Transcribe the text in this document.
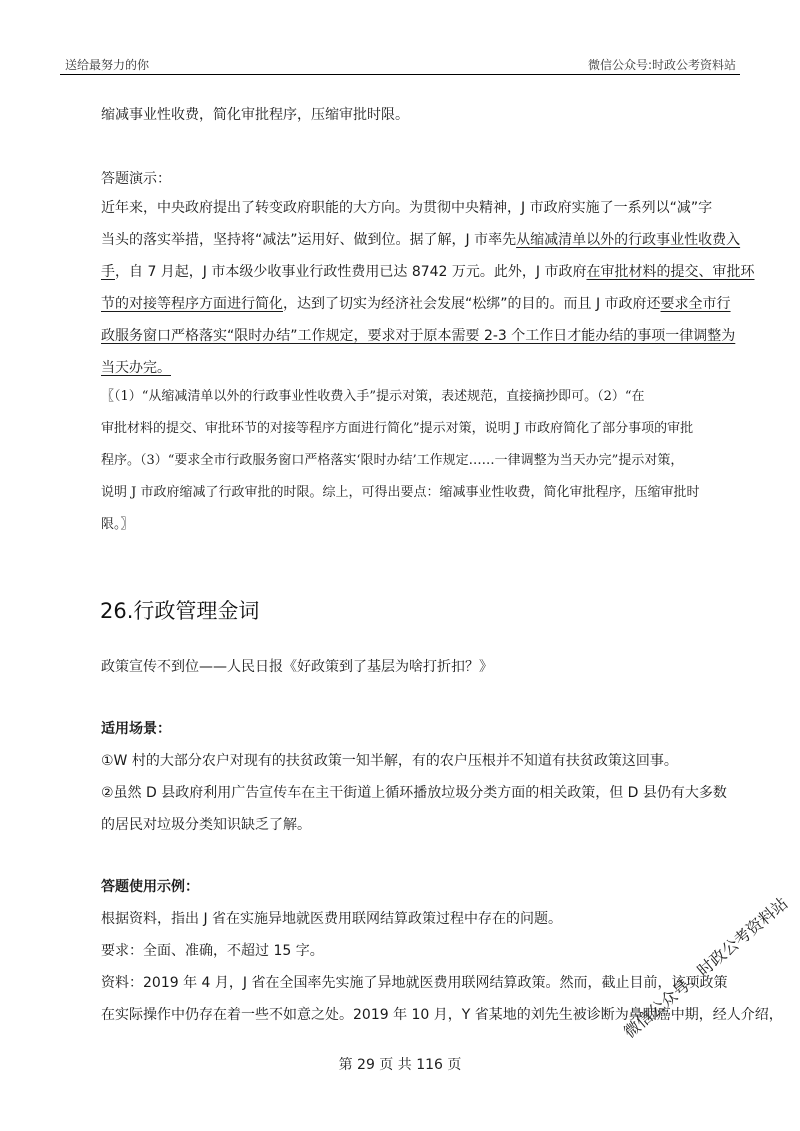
送给最努力的你	微信公众号:时政公考资料站
缩减事业性收费，简化审批程序，压缩审批时限。
答题演示：
近年来，中央政府提出了转变政府职能的大方向。为贯彻中央精神，J 市政府实施了一系列以“减”字
当头的落实举措，坚持将“减法”运用好、做到位。据了解，J 市率先从缩减清单以外的行政事业性收费入
手，自 7 月起，J 市本级少收事业行政性费用已达 8742 万元。此外，J 市政府在审批材料的提交、审批环
节的对接等程序方面进行简化，达到了切实为经济社会发展“松绑”的目的。而且 J 市政府还要求全市行
政服务窗口严格落实“限时办结”工作规定，要求对于原本需要 2-3 个工作日才能办结的事项一律调整为
当天办完。
〖（1）“从缩减清单以外的行政事业性收费入手”提示对策，表述规范，直接摘抄即可。（2）“在
审批材料的提交、审批环节的对接等程序方面进行简化”提示对策，说明 J 市政府简化了部分事项的审批
程序。（3）“要求全市行政服务窗口严格落实‘限时办结’工作规定……一律调整为当天办完”提示对策，
说明 J 市政府缩减了行政审批的时限。综上，可得出要点：缩减事业性收费，简化审批程序，压缩审批时
限。〗
26.行政管理金词
政策宣传不到位——人民日报《好政策到了基层为啥打折扣？》
适用场景：
①W 村的大部分农户对现有的扶贫政策一知半解，有的农户压根并不知道有扶贫政策这回事。
②虽然 D 县政府利用广告宣传车在主干街道上循环播放垃圾分类方面的相关政策，但 D 县仍有大多数
的居民对垃圾分类知识缺乏了解。
答题使用示例：
根据资料，指出 J 省在实施异地就医费用联网结算政策过程中存在的问题。
要求：全面、准确，不超过 15 字。
资料：2019 年 4 月，J 省在全国率先实施了异地就医费用联网结算政策。然而，截止目前，该项政策
在实际操作中仍存在着一些不如意之处。2019 年 10 月，Y 省某地的刘先生被诊断为鼻咽癌中期，经人介绍，
第 29 页 共 116 页
微信公众号：时政公考资料站
